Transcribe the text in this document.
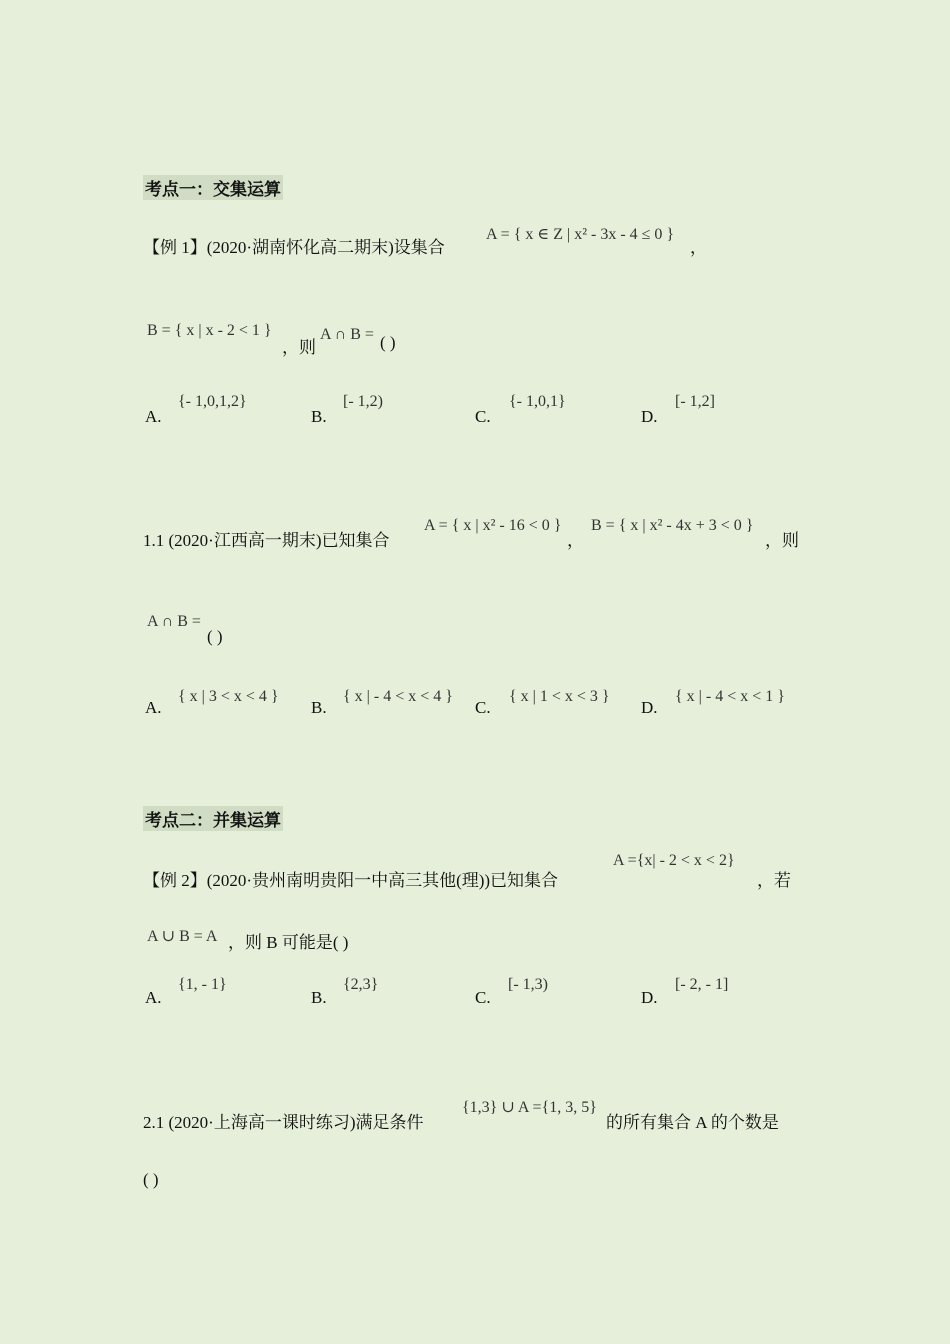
考点一：交集运算
【例 1】(2020·湖南怀化高二期末)设集合
A = { x ∈ Z | x² - 3x - 4 ≤ 0 }
，
B = { x | x - 2 < 1 }
，则
A ∩ B = ( )
A.
{- 1,0,1,2}
B.
[- 1,2)
C.
{- 1,0,1}
D.
[- 1,2]
1.1 (2020·江西高一期末)已知集合
A = { x | x² - 16 < 0 }
，
B = { x | x² - 4x + 3 < 0 }
，则
A ∩ B =
( )
A.
{ x | 3 < x < 4 }
B.
{ x | - 4 < x < 4 }
C.
{ x | 1 < x < 3 }
D.
{ x | - 4 < x < 1 }
考点二：并集运算
【例 2】(2020·贵州南明贵阳一中高三其他(理))已知集合
A ={x| - 2 < x < 2}
，若
A ∪ B = A ，则 B 可能是( )
A.
{1, - 1}
B.
{2,3}
C.
[- 1,3)
D.
[- 2, - 1]
2.1 (2020·上海高一课时练习)满足条件
{1,3} ∪ A ={1, 3, 5}
的所有集合 A 的个数是
( )
